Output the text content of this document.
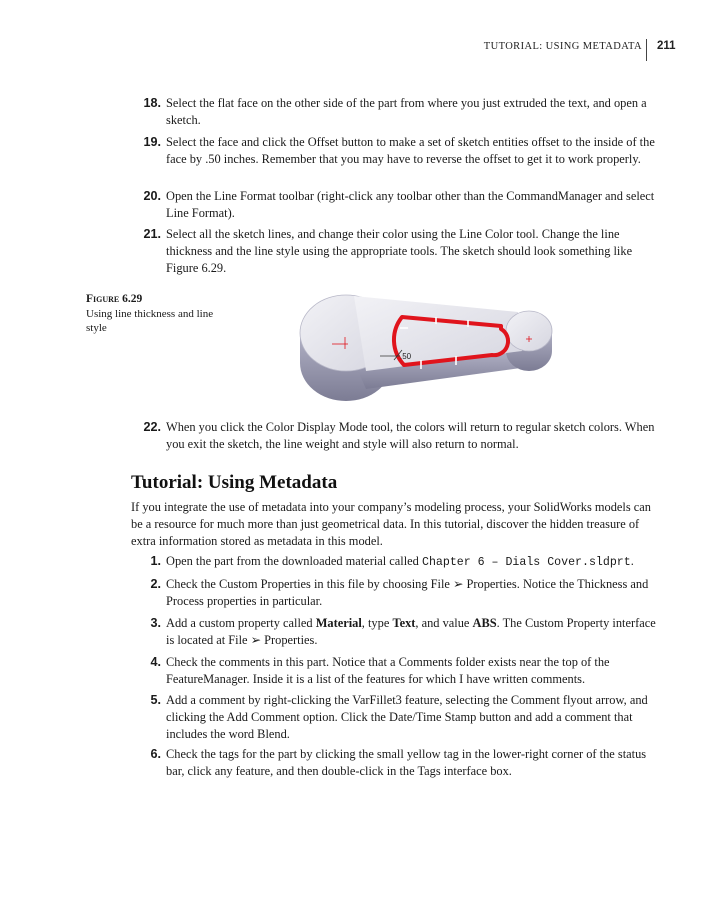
TUTORIAL: USING METADATA 211
18. Select the flat face on the other side of the part from where you just extruded the text, and open a sketch.
19. Select the face and click the Offset button to make a set of sketch entities offset to the inside of the face by .50 inches. Remember that you may have to reverse the offset to get it to work properly.
20. Open the Line Format toolbar (right-click any toolbar other than the CommandManager and select Line Format).
21. Select all the sketch lines, and change their color using the Line Color tool. Change the line thickness and the line style using the appropriate tools. The sketch should look something like Figure 6.29.
Figure 6.29
Using line thickness and line style
.50
22. When you click the Color Display Mode tool, the colors will return to regular sketch colors. When you exit the sketch, the line weight and style will also return to normal.
Tutorial: Using Metadata
If you integrate the use of metadata into your company’s modeling process, your SolidWorks models can be a resource for much more than just geometrical data. In this tutorial, discover the hidden treasure of extra information stored as metadata in this model.
1. Open the part from the downloaded material called Chapter 6 – Dials Cover.sldprt.
2. Check the Custom Properties in this file by choosing File ➢ Properties. Notice the Thickness and Process properties in particular.
3. Add a custom property called Material, type Text, and value ABS. The Custom Property interface is located at File ➢ Properties.
4. Check the comments in this part. Notice that a Comments folder exists near the top of the FeatureManager. Inside it is a list of the features for which I have written comments.
5. Add a comment by right-clicking the VarFillet3 feature, selecting the Comment flyout arrow, and clicking the Add Comment option. Click the Date/Time Stamp button and add a comment that includes the word Blend.
6. Check the tags for the part by clicking the small yellow tag in the lower-right corner of the status bar, click any feature, and then double-click in the Tags interface box.
